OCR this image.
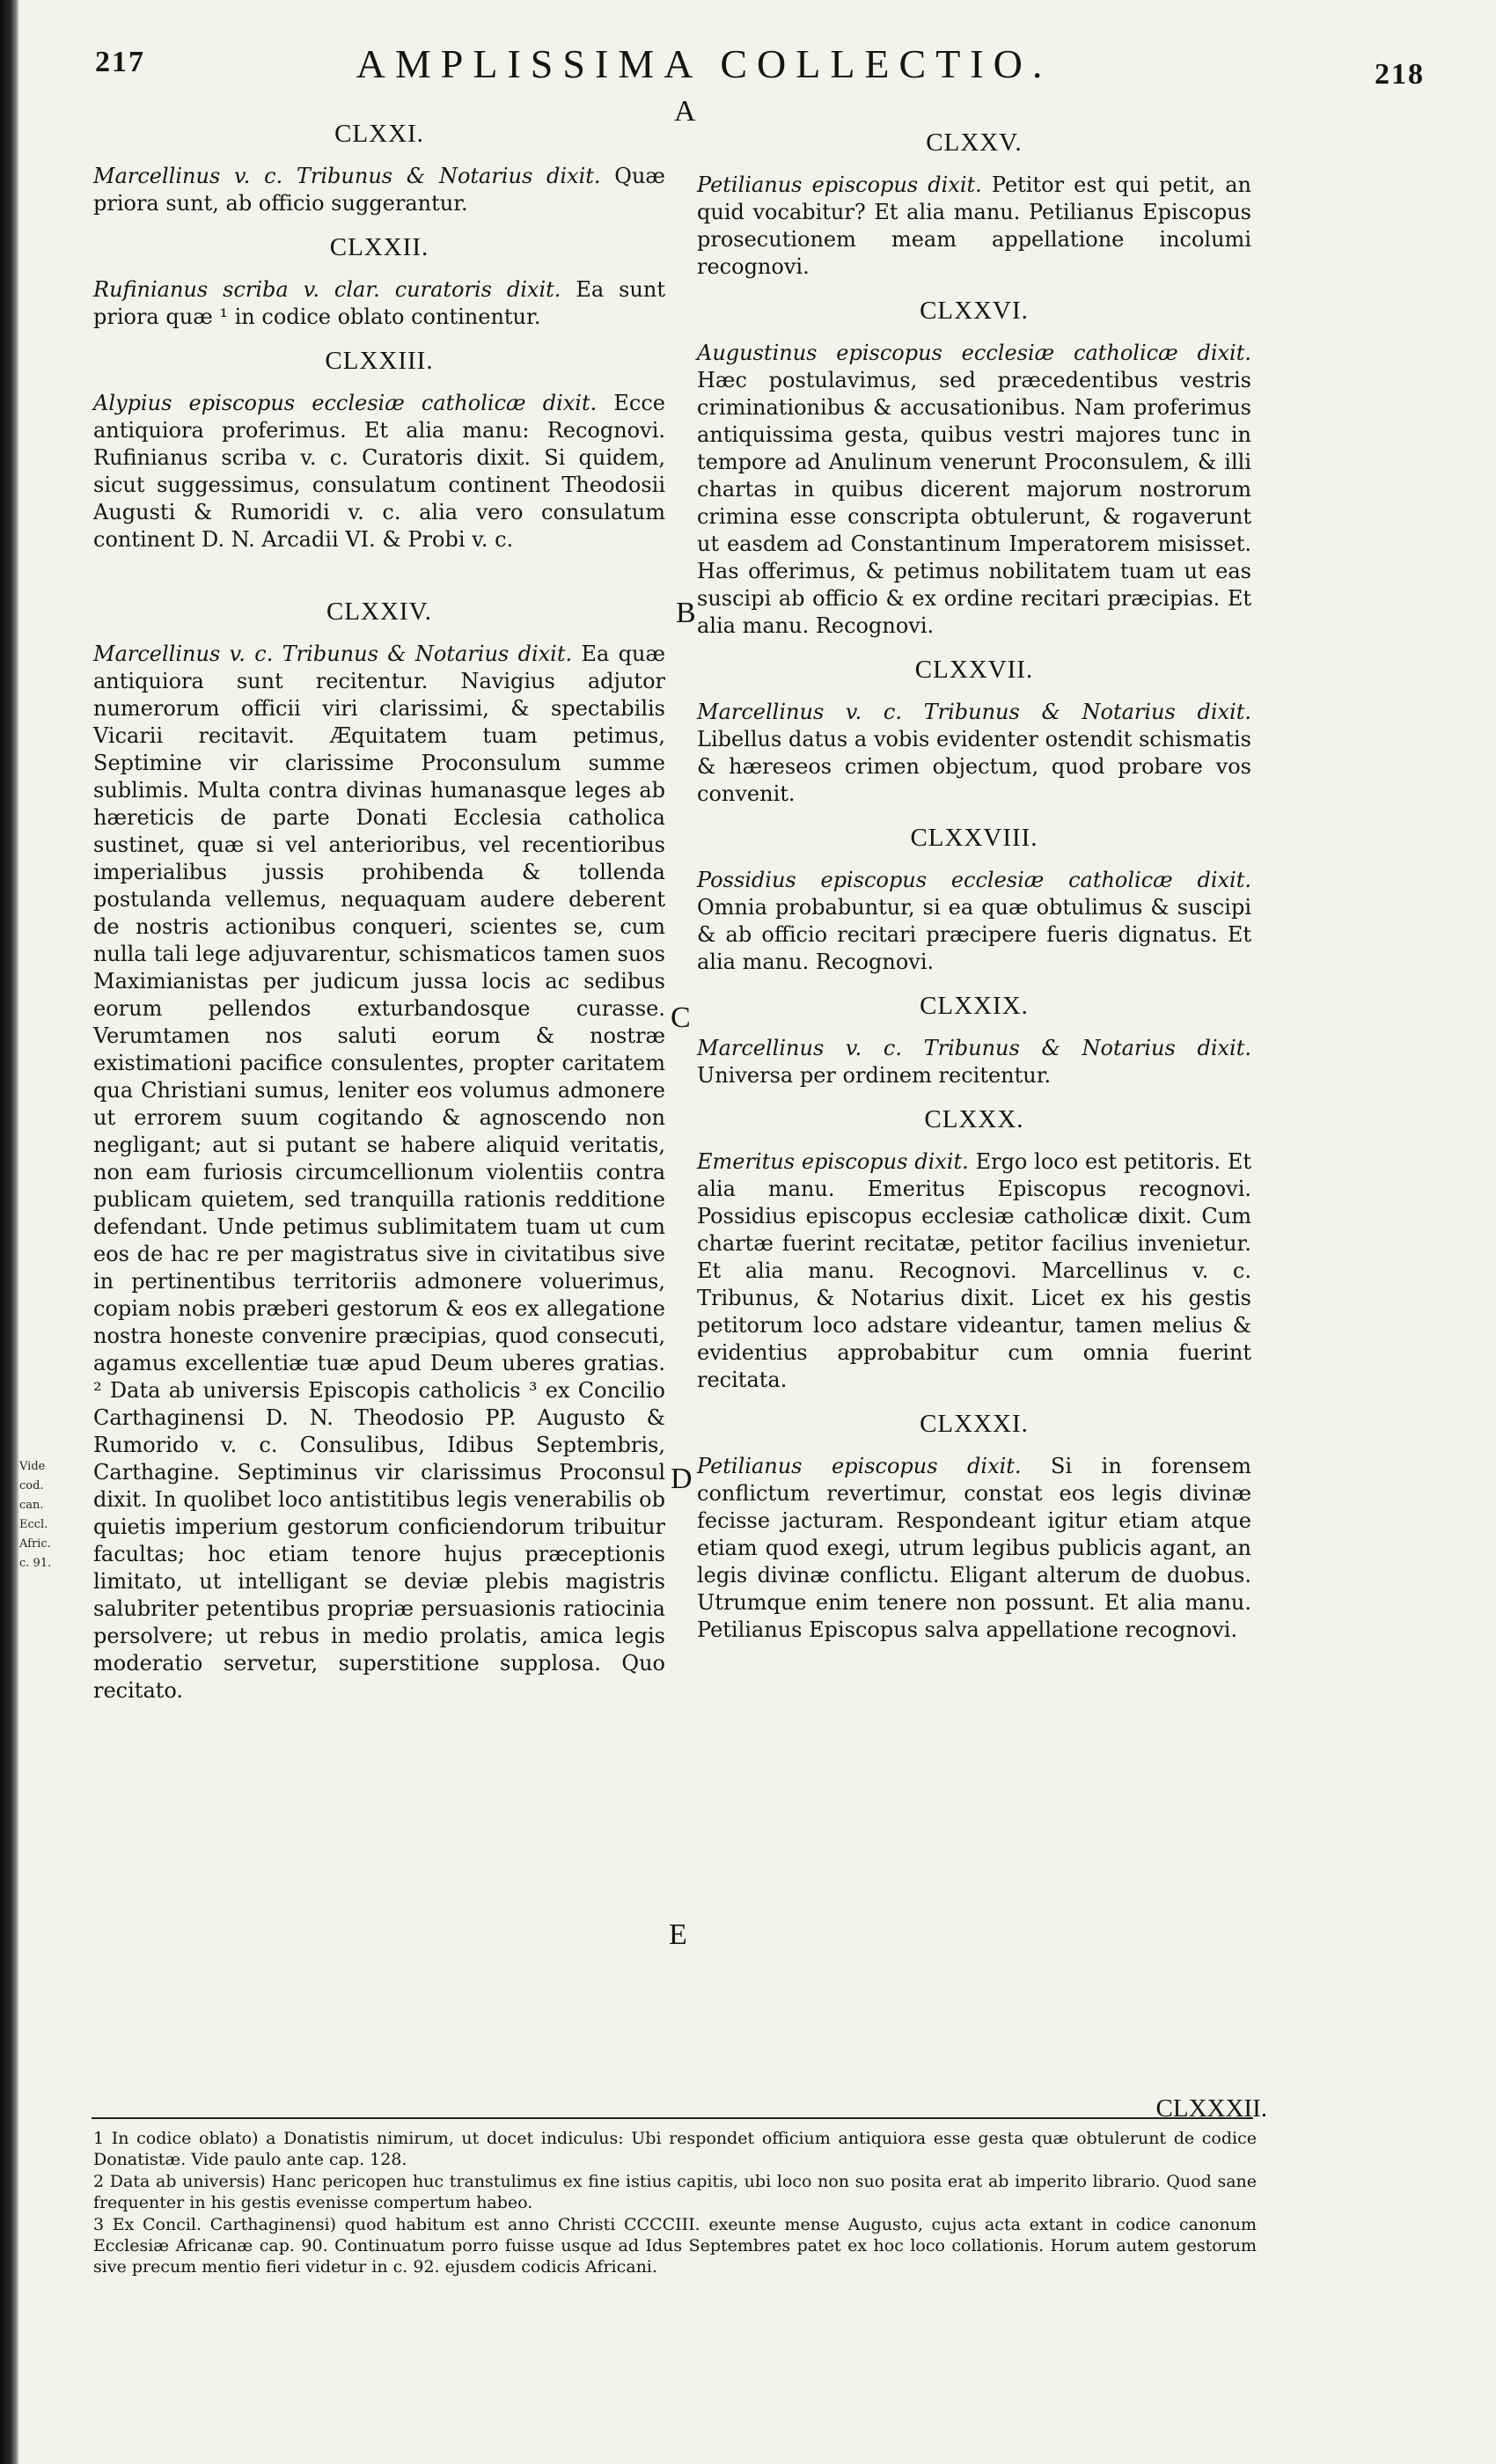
217	AMPLISSIMA COLLECTIO.	218
A
B
C
D
E
Vide cod. can. Eccl. Afric. c. 91.
CLXXI.

Marcellinus v. c. Tribunus & Notarius dixit. Quæ priora sunt, ab officio suggerantur.

CLXXII.

Rufinianus scriba v. clar. curatoris dixit. Ea sunt priora quæ ¹ in codice oblato continentur.

CLXXIII.

Alypius episcopus ecclesiæ catholicæ dixit. Ecce antiquiora proferimus. Et alia manu: Recognovi. Rufinianus scriba v. c. Curatoris dixit. Si quidem, sicut suggessimus, consulatum continent Theodosii Augusti & Rumoridi v. c. alia vero consulatum continent D. N. Arcadii VI. & Probi v. c.

CLXXIV.

Marcellinus v. c. Tribunus & Notarius dixit. Ea quæ antiquiora sunt recitentur. Navigius adjutor numerorum officii viri clarissimi, & spectabilis Vicarii recitavit. Æquitatem tuam petimus, Septimine vir clarissime Proconsulum summe sublimis. Multa contra divinas humanasque leges ab hæreticis de parte Donati Ecclesia catholica sustinet, quæ si vel anterioribus, vel recentioribus imperialibus jussis prohibenda & tollenda postulanda vellemus, nequaquam audere deberent de nostris actionibus conqueri, scientes se, cum nulla tali lege adjuvarentur, schismaticos tamen suos Maximianistas per judicum jussa locis ac sedibus eorum pellendos exturbandosque curasse. Verumtamen nos saluti eorum & nostræ existimationi pacifice consulentes, propter caritatem qua Christiani sumus, leniter eos volumus admonere ut errorem suum cogitando & agnoscendo non negligant; aut si putant se habere aliquid veritatis, non eam furiosis circumcellionum violentiis contra publicam quietem, sed tranquilla rationis redditione defendant. Unde petimus sublimitatem tuam ut cum eos de hac re per magistratus sive in civitatibus sive in pertinentibus territoriis admonere voluerimus, copiam nobis præberi gestorum & eos ex allegatione nostra honeste convenire præcipias, quod consecuti, agamus excellentiæ tuæ apud Deum uberes gratias. ² Data ab universis Episcopis catholicis ³ ex Concilio Carthaginensi D. N. Theodosio PP. Augusto & Rumorido v. c. Consulibus, Idibus Septembris, Carthagine. Septiminus vir clarissimus Proconsul dixit. In quolibet loco antistitibus legis venerabilis ob quietis imperium gestorum conficiendorum tribuitur facultas; hoc etiam tenore hujus præceptionis limitato, ut intelligant se deviæ plebis magistris salubriter petentibus propriæ persuasionis ratiocinia persolvere; ut rebus in medio prolatis, amica legis moderatio servetur, superstitione supplosa. Quo recitato.

CLXXV.

Petilianus episcopus dixit. Petitor est qui petit, an quid vocabitur? Et alia manu. Petilianus Episcopus prosecutionem meam appellatione incolumi recognovi.

CLXXVI.

Augustinus episcopus ecclesiæ catholicæ dixit. Hæc postulavimus, sed præcedentibus vestris criminationibus & accusationibus. Nam proferimus antiquissima gesta, quibus vestri majores tunc in tempore ad Anulinum venerunt Proconsulem, & illi chartas in quibus dicerent majorum nostrorum crimina esse conscripta obtulerunt, & rogaverunt ut easdem ad Constantinum Imperatorem misisset. Has offerimus, & petimus nobilitatem tuam ut eas suscipi ab officio & ex ordine recitari præcipias. Et alia manu. Recognovi.

CLXXVII.

Marcellinus v. c. Tribunus & Notarius dixit. Libellus datus a vobis evidenter ostendit schismatis & hæreseos crimen objectum, quod probare vos convenit.

CLXXVIII.

Possidius episcopus ecclesiæ catholicæ dixit. Omnia probabuntur, si ea quæ obtulimus & suscipi & ab officio recitari præcipere fueris dignatus. Et alia manu. Recognovi.

CLXXIX.

Marcellinus v. c. Tribunus & Notarius dixit. Universa per ordinem recitentur.

CLXXX.

Emeritus episcopus dixit. Ergo loco est petitoris. Et alia manu. Emeritus Episcopus recognovi. Possidius episcopus ecclesiæ catholicæ dixit. Cum chartæ fuerint recitatæ, petitor facilius invenietur. Et alia manu. Recognovi. Marcellinus v. c. Tribunus, & Notarius dixit. Licet ex his gestis petitorum loco adstare videantur, tamen melius & evidentius approbabitur cum omnia fuerint recitata.

CLXXXI.

Petilianus episcopus dixit. Si in forensem conflictum revertimur, constat eos legis divinæ fecisse jacturam. Respondeant igitur etiam atque etiam quod exegi, utrum legibus publicis agant, an legis divinæ conflictu. Eligant alterum de duobus. Utrumque enim tenere non possunt. Et alia manu. Petilianus Episcopus salva appellatione recognovi.

CLXXXII.

1 In codice oblato) a Donatistis nimirum, ut docet indiculus: Ubi respondet officium antiquiora esse gesta quæ obtulerunt de codice Donatistæ. Vide paulo ante cap. 128.

2 Data ab universis) Hanc pericopen huc transtulimus ex fine istius capitis, ubi loco non suo posita erat ab imperito librario. Quod sane frequenter in his gestis evenisse compertum habeo.

3 Ex Concil. Carthaginensi) quod habitum est anno Christi CCCCIII. exeunte mense Augusto, cujus acta extant in codice canonum Ecclesiæ Africanæ cap. 90. Continuatum porro fuisse usque ad Idus Septembres patet ex hoc loco collationis. Horum autem gestorum sive precum mentio fieri videtur in c. 92. ejusdem codicis Africani.
